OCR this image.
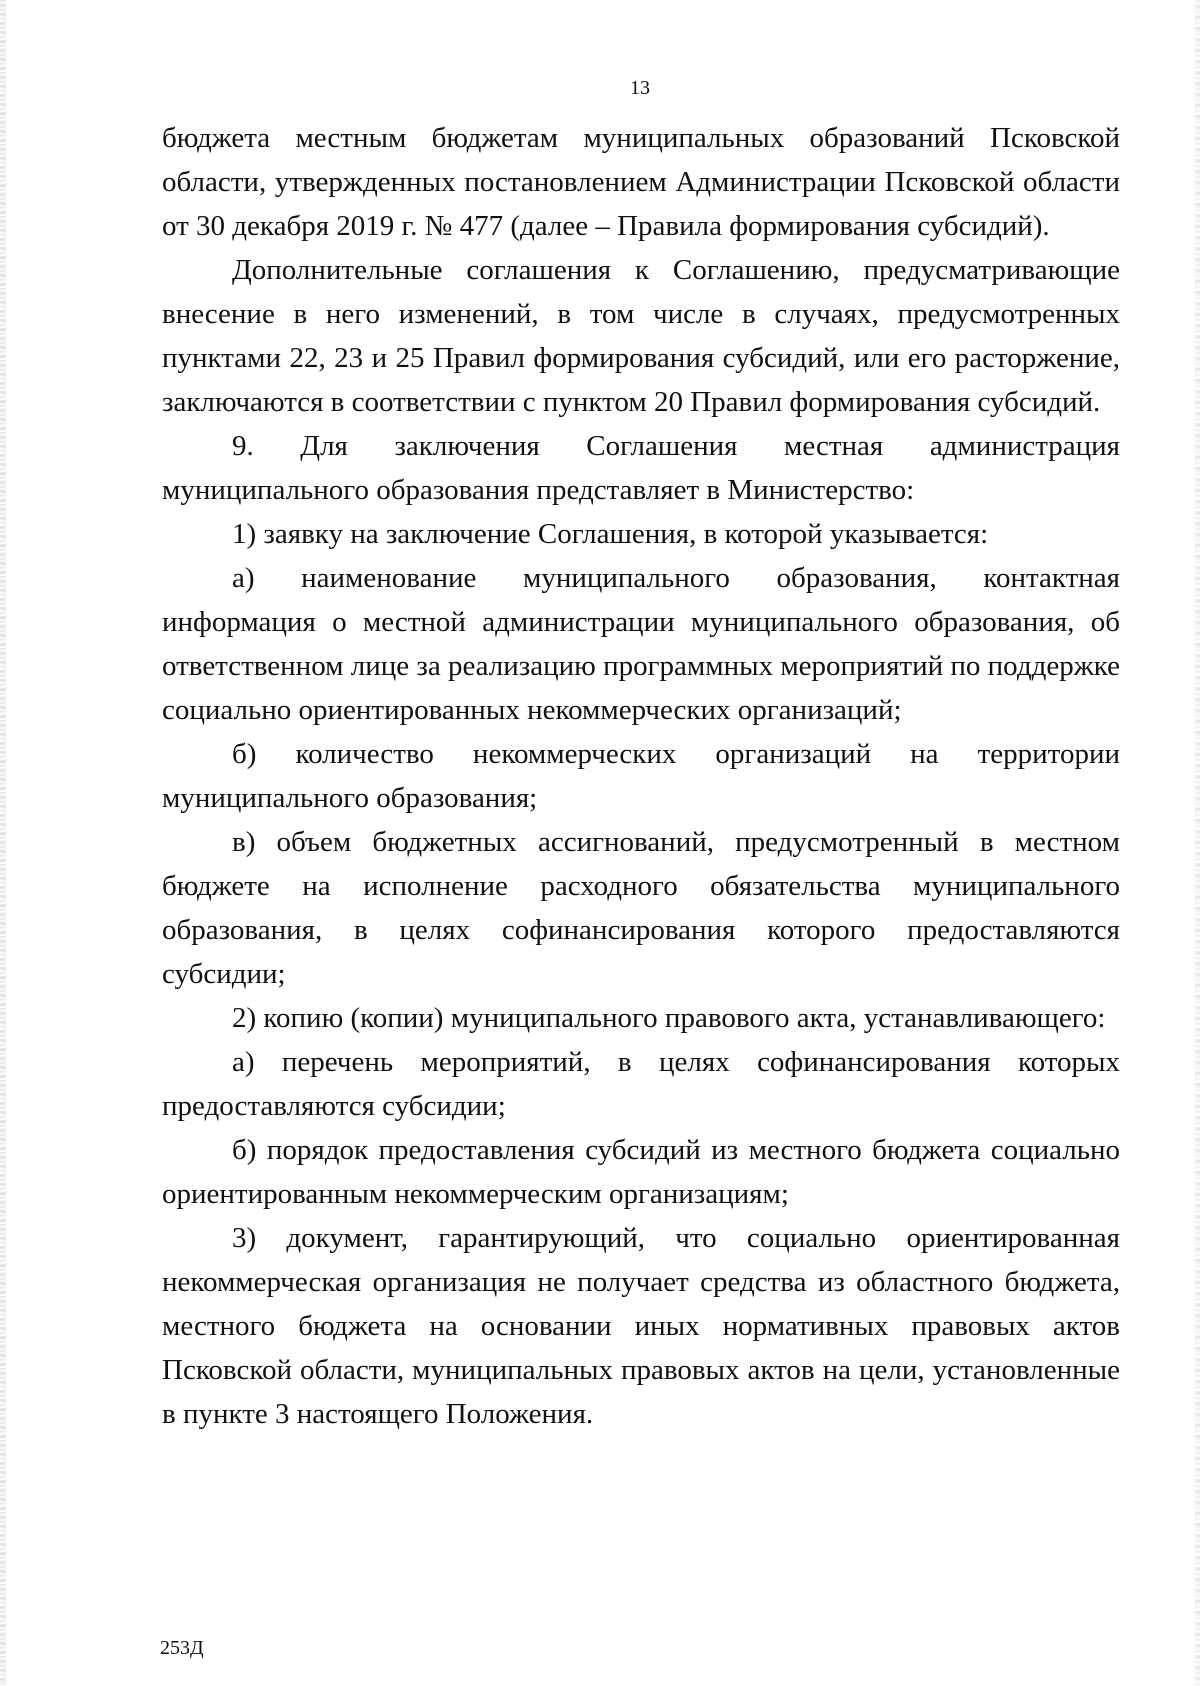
13

бюджета местным бюджетам муниципальных образований Псковской области, утвержденных постановлением Администрации Псковской области от 30 декабря 2019 г. № 477 (далее – Правила формирования субсидий).

Дополнительные соглашения к Соглашению, предусматривающие внесение в него изменений, в том числе в случаях, предусмотренных пунктами 22, 23 и 25 Правил формирования субсидий, или его расторжение, заключаются в соответствии с пунктом 20 Правил формирования субсидий.

9. Для заключения Соглашения местная администрация муниципального образования представляет в Министерство:

1) заявку на заключение Соглашения, в которой указывается:

а) наименование муниципального образования, контактная информация о местной администрации муниципального образования, об ответственном лице за реализацию программных мероприятий по поддержке социально ориентированных некоммерческих организаций;

б) количество некоммерческих организаций на территории муниципального образования;

в) объем бюджетных ассигнований, предусмотренный в местном бюджете на исполнение расходного обязательства муниципального образования, в целях софинансирования которого предоставляются субсидии;

2) копию (копии) муниципального правового акта, устанавливающего:

а) перечень мероприятий, в целях софинансирования которых предоставляются субсидии;

б) порядок предоставления субсидий из местного бюджета социально ориентированным некоммерческим организациям;

3) документ, гарантирующий, что социально ориентированная некоммерческая организация не получает средства из областного бюджета, местного бюджета на основании иных нормативных правовых актов Псковской области, муниципальных правовых актов на цели, установленные в пункте 3 настоящего Положения.

253Д
